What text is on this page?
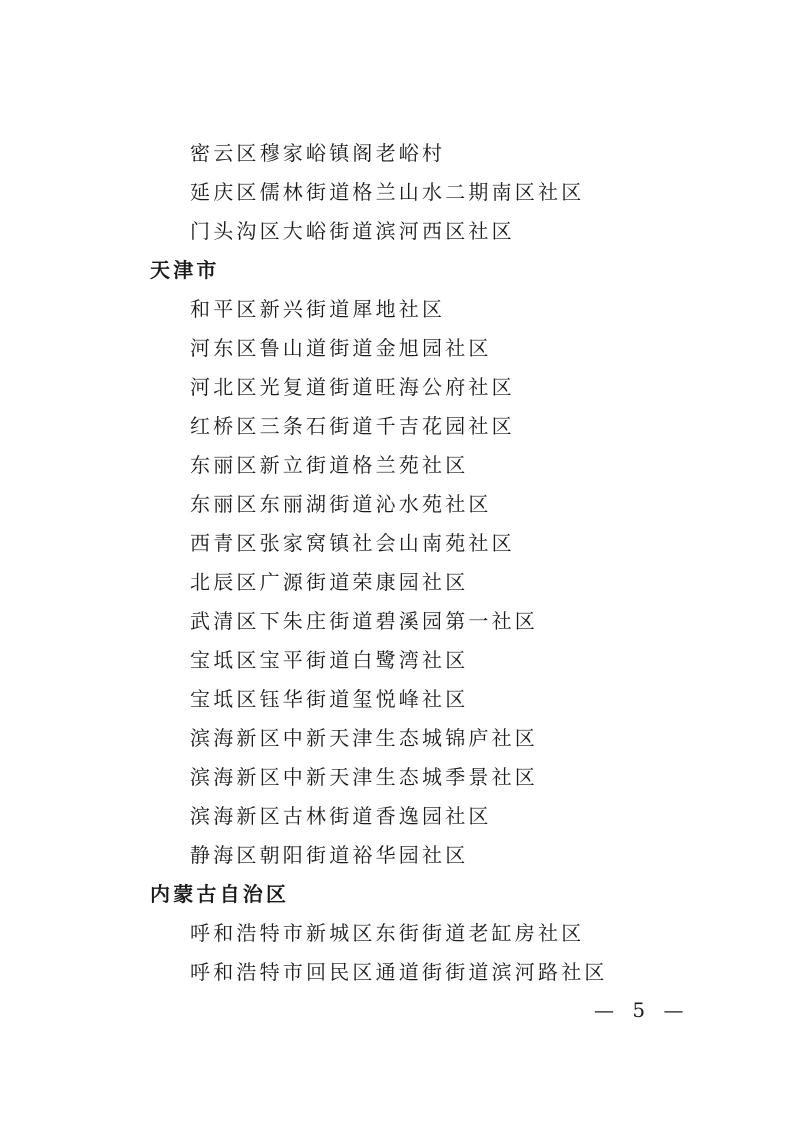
密云区穆家峪镇阁老峪村
延庆区儒林街道格兰山水二期南区社区
门头沟区大峪街道滨河西区社区
天津市
和平区新兴街道犀地社区
河东区鲁山道街道金旭园社区
河北区光复道街道旺海公府社区
红桥区三条石街道千吉花园社区
东丽区新立街道格兰苑社区
东丽区东丽湖街道沁水苑社区
西青区张家窝镇社会山南苑社区
北辰区广源街道荣康园社区
武清区下朱庄街道碧溪园第一社区
宝坻区宝平街道白鹭湾社区
宝坻区钰华街道玺悦峰社区
滨海新区中新天津生态城锦庐社区
滨海新区中新天津生态城季景社区
滨海新区古林街道香逸园社区
静海区朝阳街道裕华园社区
内蒙古自治区
呼和浩特市新城区东街街道老缸房社区
呼和浩特市回民区通道街街道滨河路社区
— 5 —
